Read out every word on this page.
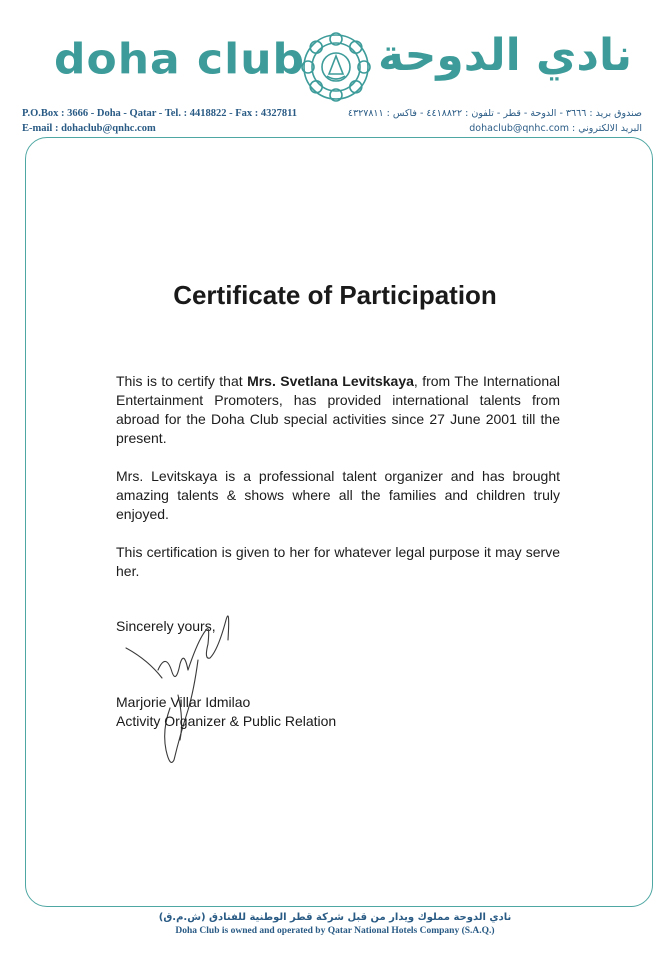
doha club نادي الدوحة
P.O.Box : 3666 - Doha - Qatar - Tel. : 4418822 - Fax : 4327811
E-mail : dohaclub@qnhc.com
صندوق بريد : ٣٦٦٦ - الدوحة - قطر - تلفون : ٤٤١٨٨٢٢ - فاكس : ٤٣٢٧٨١١
البريد الالكتروني : dohaclub@qnhc.com
Certificate of Participation

This is to certify that Mrs. Svetlana Levitskaya, from The International Entertainment Promoters, has provided international talents from abroad for the Doha Club special activities since 27 June 2001 till the present.

Mrs. Levitskaya is a professional talent organizer and has brought amazing talents & shows where all the families and children truly enjoyed.

This certification is given to her for whatever legal purpose it may serve her.

Sincerely yours,

Marjorie Villar Idmilao

Activity Organizer & Public Relation

نادي الدوحة مملوك ويدار من قبل شركة قطر الوطنية للفنادق (ش.م.ق)
Doha Club is owned and operated by Qatar National Hotels Company (S.A.Q.)
